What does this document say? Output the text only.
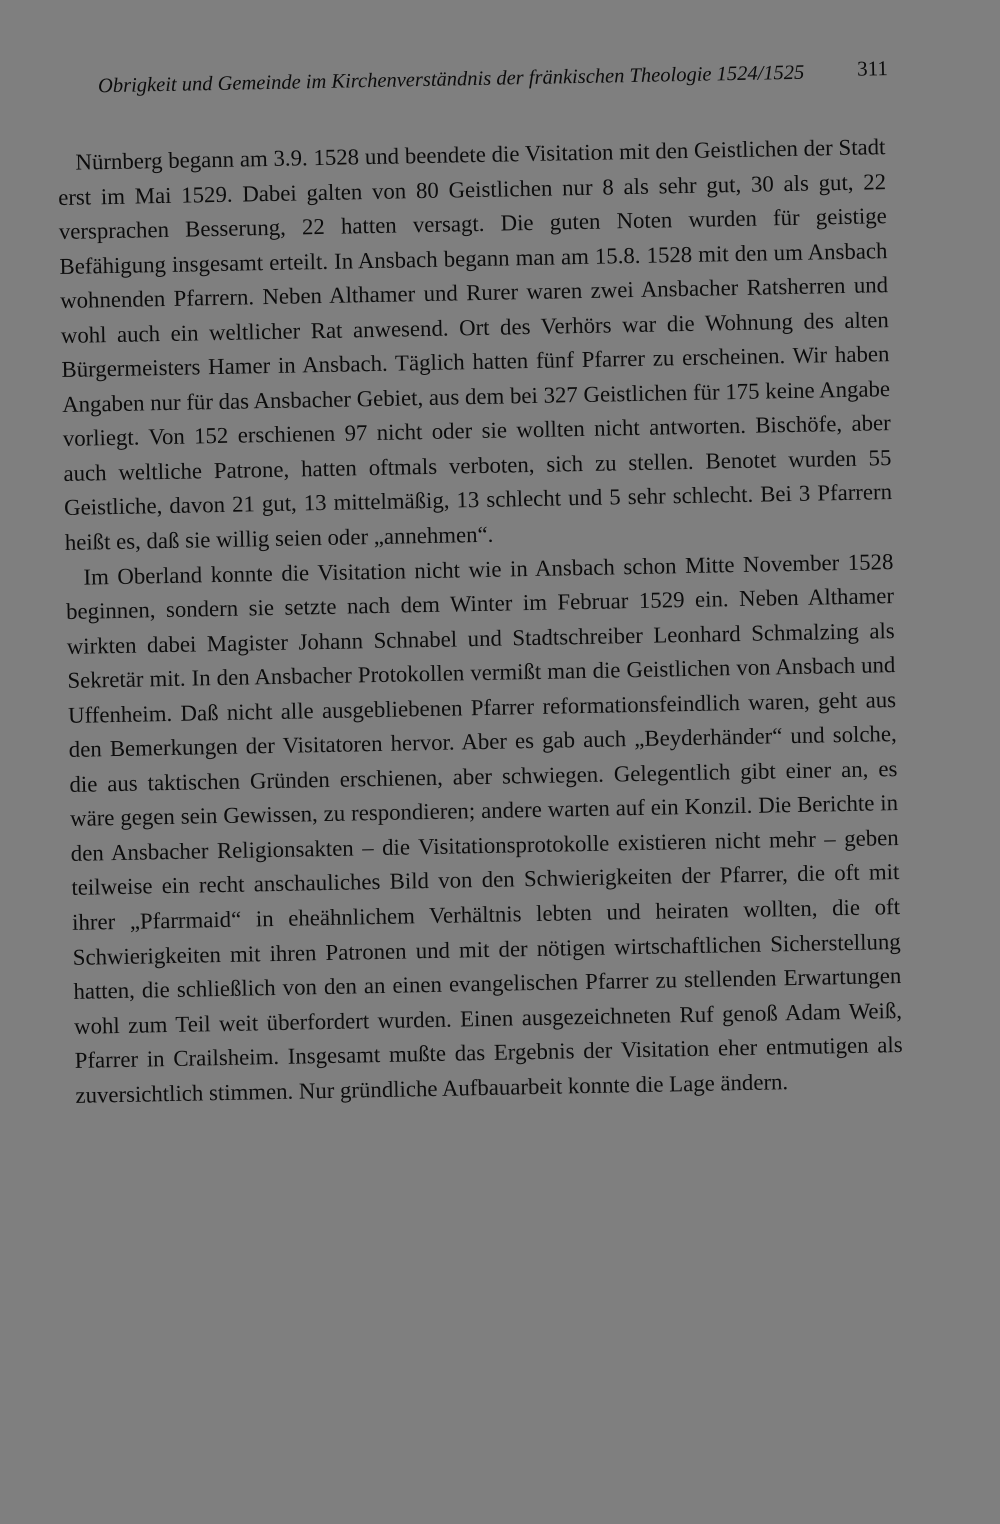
Obrigkeit und Gemeinde im Kirchenverständnis der fränkischen Theologie 1524/1525 311

Nürnberg begann am 3.9. 1528 und beendete die Visitation mit den Geistlichen der Stadt erst im Mai 1529. Dabei galten von 80 Geistlichen nur 8 als sehr gut, 30 als gut, 22 versprachen Besserung, 22 hatten versagt. Die guten Noten wurden für geistige Befähigung insgesamt erteilt. In Ansbach begann man am 15.8. 1528 mit den um Ansbach wohnenden Pfarrern. Neben Althamer und Rurer waren zwei Ansbacher Ratsherren und wohl auch ein weltlicher Rat anwesend. Ort des Verhörs war die Wohnung des alten Bürgermeisters Hamer in Ansbach. Täglich hatten fünf Pfarrer zu erscheinen. Wir haben Angaben nur für das Ansbacher Gebiet, aus dem bei 327 Geistlichen für 175 keine Angabe vorliegt. Von 152 erschienen 97 nicht oder sie wollten nicht antworten. Bischöfe, aber auch weltliche Patrone, hatten oftmals verboten, sich zu stellen. Benotet wurden 55 Geistliche, davon 21 gut, 13 mittelmäßig, 13 schlecht und 5 sehr schlecht. Bei 3 Pfarrern heißt es, daß sie willig seien oder „annehmen“.

Im Oberland konnte die Visitation nicht wie in Ansbach schon Mitte November 1528 beginnen, sondern sie setzte nach dem Winter im Februar 1529 ein. Neben Althamer wirkten dabei Magister Johann Schnabel und Stadtschreiber Leonhard Schmalzing als Sekretär mit. In den Ansbacher Protokollen vermißt man die Geistlichen von Ansbach und Uffenheim. Daß nicht alle ausgebliebenen Pfarrer reformationsfeindlich waren, geht aus den Bemerkungen der Visitatoren hervor. Aber es gab auch „Beyderhänder“ und solche, die aus taktischen Gründen erschienen, aber schwiegen. Gelegentlich gibt einer an, es wäre gegen sein Gewissen, zu respondieren; andere warten auf ein Konzil. Die Berichte in den Ansbacher Religionsakten – die Visitationsprotokolle existieren nicht mehr – geben teilweise ein recht anschauliches Bild von den Schwierigkeiten der Pfarrer, die oft mit ihrer „Pfarrmaid“ in eheähnlichem Verhältnis lebten und heiraten wollten, die oft Schwierigkeiten mit ihren Patronen und mit der nötigen wirtschaftlichen Sicherstellung hatten, die schließlich von den an einen evangelischen Pfarrer zu stellenden Erwartungen wohl zum Teil weit überfordert wurden. Einen ausgezeichneten Ruf genoß Adam Weiß, Pfarrer in Crailsheim. Insgesamt mußte das Ergebnis der Visitation eher entmutigen als zuversichtlich stimmen. Nur gründliche Aufbauarbeit konnte die Lage ändern.
